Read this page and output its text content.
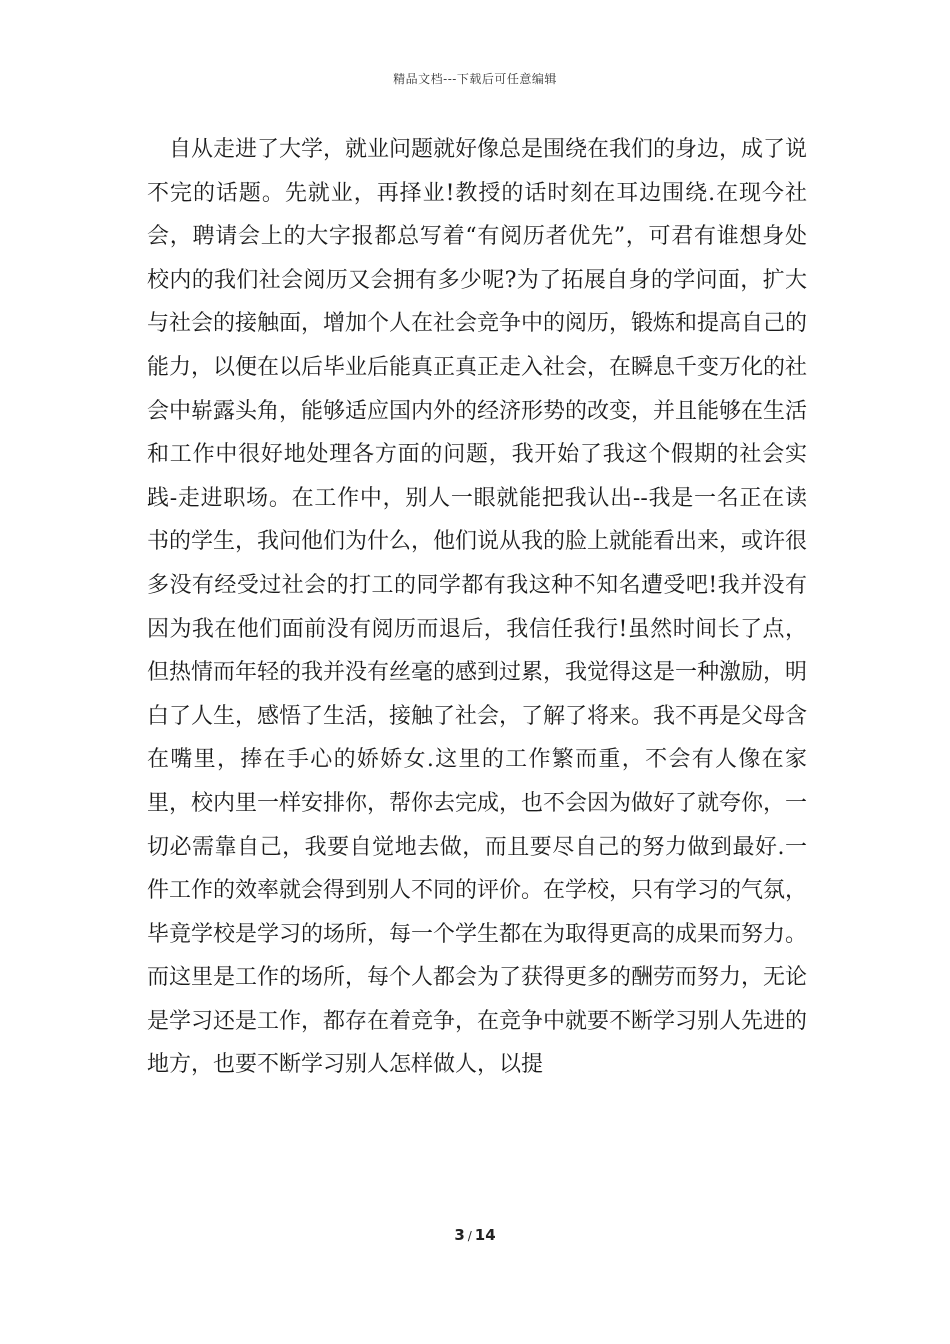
精品文档---下载后可任意编辑

自从走进了大学，就业问题就好像总是围绕在我们的身边，成了说不完的话题。先就业，再择业!教授的话时刻在耳边围绕.在现今社会，聘请会上的大字报都总写着“有阅历者优先”，可君有谁想身处校内的我们社会阅历又会拥有多少呢?为了拓展自身的学问面，扩大与社会的接触面，增加个人在社会竞争中的阅历，锻炼和提高自己的能力，以便在以后毕业后能真正真正走入社会，在瞬息千变万化的社会中崭露头角，能够适应国内外的经济形势的改变，并且能够在生活和工作中很好地处理各方面的问题，我开始了我这个假期的社会实践-走进职场。在工作中，别人一眼就能把我认出--我是一名正在读书的学生，我问他们为什么，他们说从我的脸上就能看出来，或许很多没有经受过社会的打工的同学都有我这种不知名遭受吧!我并没有因为我在他们面前没有阅历而退后，我信任我行!虽然时间长了点，但热情而年轻的我并没有丝毫的感到过累，我觉得这是一种激励，明白了人生，感悟了生活，接触了社会，了解了将来。我不再是父母含在嘴里，捧在手心的娇娇女.这里的工作繁而重，不会有人像在家里，校内里一样安排你，帮你去完成，也不会因为做好了就夸你，一切必需靠自己，我要自觉地去做，而且要尽自己的努力做到最好.一件工作的效率就会得到别人不同的评价。在学校，只有学习的气氛，毕竟学校是学习的场所，每一个学生都在为取得更高的成果而努力。而这里是工作的场所，每个人都会为了获得更多的酬劳而努力，无论是学习还是工作，都存在着竞争，在竞争中就要不断学习别人先进的地方，也要不断学习别人怎样做人，以提

3 / 14
